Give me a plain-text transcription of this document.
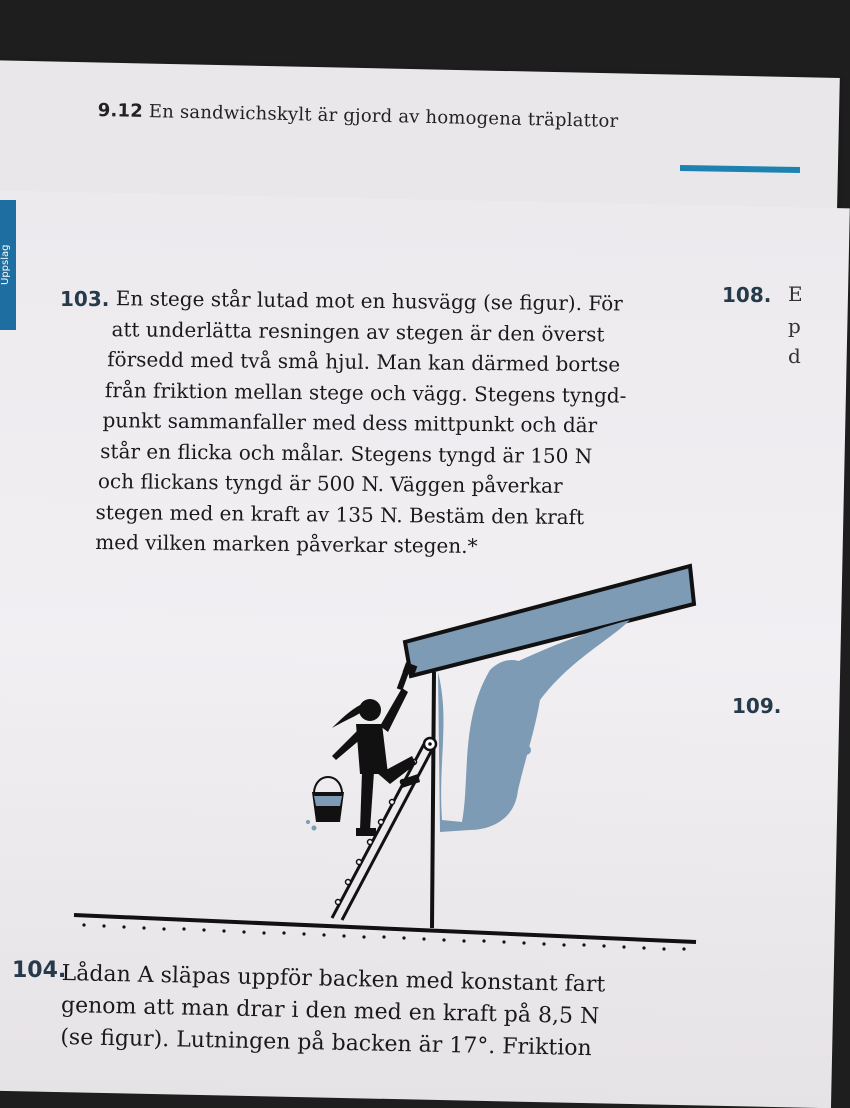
9.12 En sandwichskylt är gjord av homogena träplattor
Uppslag
103. En stege står lutad mot en husvägg (se figur). För
att underlätta resningen av stegen är den överst
försedd med två små hjul. Man kan därmed bortse
från friktion mellan stege och vägg. Stegens tyngd-
punkt sammanfaller med dess mittpunkt och där
står en flicka och målar. Stegens tyngd är 150 N
och flickans tyngd är 500 N. Väggen påverkar
stegen med en kraft av 135 N. Bestäm den kraft
med vilken marken påverkar stegen.*
108. E
p
d
109.
104.
Lådan A släpas uppför backen med konstant fart
genom att man drar i den med en kraft på 8,5 N
(se figur). Lutningen på backen är 17°. Friktion
